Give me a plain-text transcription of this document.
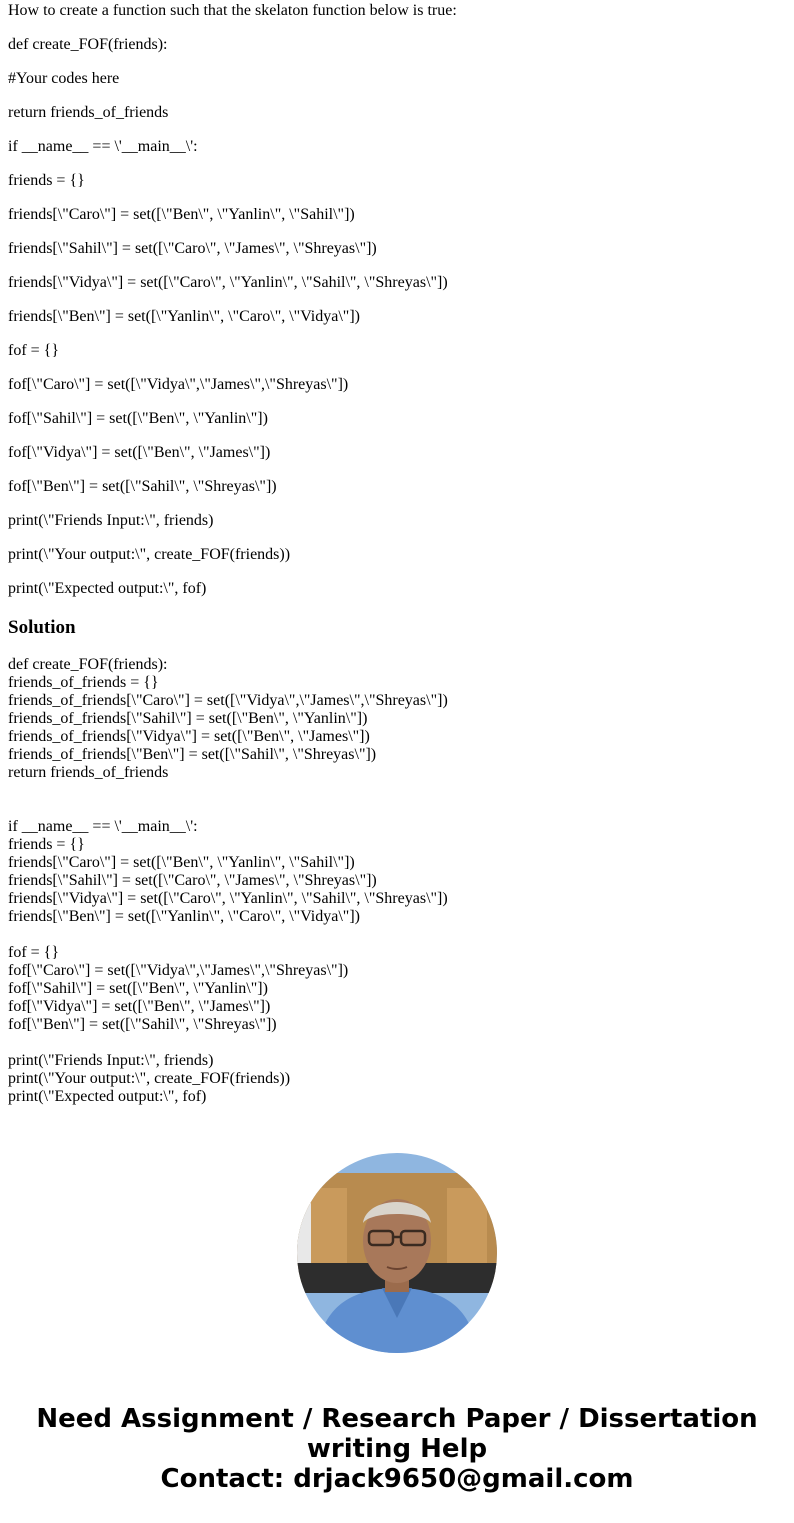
How to create a function such that the skelaton function below is true:

def create_FOF(friends):

#Your codes here

return friends_of_friends

if __name__ == \'__main__\':

friends = {}

friends[\"Caro\"] = set([\"Ben\", \"Yanlin\", \"Sahil\"])

friends[\"Sahil\"] = set([\"Caro\", \"James\", \"Shreyas\"])

friends[\"Vidya\"] = set([\"Caro\", \"Yanlin\", \"Sahil\", \"Shreyas\"])

friends[\"Ben\"] = set([\"Yanlin\", \"Caro\", \"Vidya\"])

fof = {}

fof[\"Caro\"] = set([\"Vidya\",\"James\",\"Shreyas\"])

fof[\"Sahil\"] = set([\"Ben\", \"Yanlin\"])

fof[\"Vidya\"] = set([\"Ben\", \"James\"])

fof[\"Ben\"] = set([\"Sahil\", \"Shreyas\"])

print(\"Friends Input:\", friends)

print(\"Your output:\", create_FOF(friends))

print(\"Expected output:\", fof)

Solution
def create_FOF(friends):
friends_of_friends = {}
friends_of_friends[\"Caro\"] = set([\"Vidya\",\"James\",\"Shreyas\"])
friends_of_friends[\"Sahil\"] = set([\"Ben\", \"Yanlin\"])
friends_of_friends[\"Vidya\"] = set([\"Ben\", \"James\"])
friends_of_friends[\"Ben\"] = set([\"Sahil\", \"Shreyas\"])
return friends_of_friends
if __name__ == \'__main__\':
friends = {}
friends[\"Caro\"] = set([\"Ben\", \"Yanlin\", \"Sahil\"])
friends[\"Sahil\"] = set([\"Caro\", \"James\", \"Shreyas\"])
friends[\"Vidya\"] = set([\"Caro\", \"Yanlin\", \"Sahil\", \"Shreyas\"])
friends[\"Ben\"] = set([\"Yanlin\", \"Caro\", \"Vidya\"])
fof = {}
fof[\"Caro\"] = set([\"Vidya\",\"James\",\"Shreyas\"])
fof[\"Sahil\"] = set([\"Ben\", \"Yanlin\"])
fof[\"Vidya\"] = set([\"Ben\", \"James\"])
fof[\"Ben\"] = set([\"Sahil\", \"Shreyas\"])
print(\"Friends Input:\", friends)
print(\"Your output:\", create_FOF(friends))
print(\"Expected output:\", fof)
Need Assignment / Research Paper / Dissertation
writing Help
Contact: drjack9650@gmail.com
